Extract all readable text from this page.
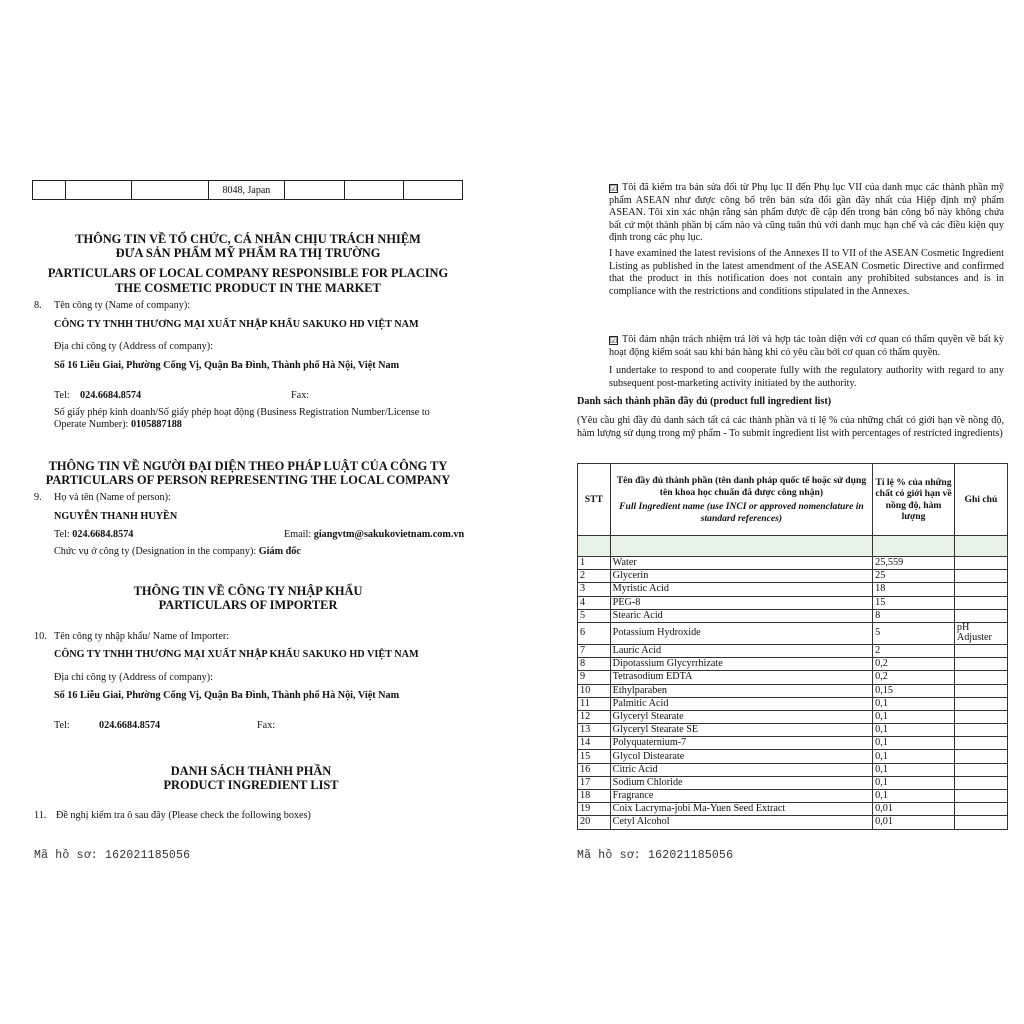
			8048, Japan			
THÔNG TIN VỀ TỔ CHỨC, CÁ NHÂN CHỊU TRÁCH NHIỆM
ĐƯA SẢN PHẨM MỸ PHẨM RA THỊ TRƯỜNG
PARTICULARS OF LOCAL COMPANY RESPONSIBLE FOR PLACING
THE COSMETIC PRODUCT IN THE MARKET
8. Tên công ty (Name of company):
CÔNG TY TNHH THƯƠNG MẠI XUẤT NHẬP KHẨU SAKUKO HD VIỆT NAM
Địa chỉ công ty (Address of company):
Số 16 Liễu Giai, Phường Cống Vị, Quận Ba Đình, Thành phố Hà Nội, Việt Nam
Tel: 024.6684.8574	Fax:
Số giấy phép kinh doanh/Số giấy phép hoạt động (Business Registration Number/License to
Operate Number): 0105887188
THÔNG TIN VỀ NGƯỜI ĐẠI DIỆN THEO PHÁP LUẬT CỦA CÔNG TY
PARTICULARS OF PERSON REPRESENTING THE LOCAL COMPANY
9. Họ và tên (Name of person):
NGUYỄN THANH HUYỀN
Tel: 024.6684.8574	Email: giangvtm@sakukovietnam.com.vn
Chức vụ ở công ty (Designation in the company): Giám đốc
THÔNG TIN VỀ CÔNG TY NHẬP KHẨU
PARTICULARS OF IMPORTER
10. Tên công ty nhập khẩu/ Name of Importer:
CÔNG TY TNHH THƯƠNG MẠI XUẤT NHẬP KHẨU SAKUKO HD VIỆT NAM
Địa chỉ công ty (Address of company):
Số 16 Liễu Giai, Phường Cống Vị, Quận Ba Đình, Thành phố Hà Nội, Việt Nam
Tel:	024.6684.8574	Fax:
DANH SÁCH THÀNH PHẦN
PRODUCT INGREDIENT LIST
11. Đề nghị kiểm tra ô sau đây (Please check the following boxes)
Mã hồ sơ: 162021185056
☑ Tôi đã kiểm tra bản sửa đổi từ Phụ lục II đến Phụ lục VII của danh mục các thành phần mỹ phẩm ASEAN như được công bố trên bản sửa đổi gần đây nhất của Hiệp định mỹ phẩm ASEAN. Tôi xin xác nhận rằng sản phẩm được đề cập đến trong bản công bố này không chứa bất cứ một thành phần bị cấm nào và cũng tuân thủ với danh mục hạn chế và các điều kiện quy định trong các phụ lục.
I have examined the latest revisions of the Annexes II to VII of the ASEAN Cosmetic Ingredient Listing as published in the latest amendment of the ASEAN Cosmetic Directive and confirmed that the product in this notification does not contain any prohibited substances and is in compliance with the restrictions and conditions stipulated in the Annexes.
☑ Tôi đảm nhận trách nhiệm trả lời và hợp tác toàn diện với cơ quan có thẩm quyền về bất kỳ hoạt động kiểm soát sau khi bán hàng khi có yêu cầu bởi cơ quan có thẩm quyền.
I undertake to respond to and cooperate fully with the regulatory authority with regard to any subsequent post-marketing activity initiated by the authority.
Danh sách thành phần đầy đủ (product full ingredient list)
(Yêu cầu ghi đầy đủ danh sách tất cả các thành phần và tỉ lệ % của những chất có giới hạn về nồng độ, hàm lượng sử dụng trong mỹ phẩm - To submit ingredient list with percentages of restricted ingredients)
Mã hồ sơ: 162021185056
STT	Tên đầy đủ thành phần (tên danh pháp quốc tế hoặc sử dụng tên khoa học chuẩn đã được công nhận)
Full Ingredient name (use INCI or approved nomenclature in standard references)	Tỉ lệ % của những chất có giới hạn về nồng độ, hàm lượng	Ghi chú

1	Water	25,559	
2	Glycerin	25	
3	Myristic Acid	18	
4	PEG-8	15	
5	Stearic Acid	8	
6	Potassium Hydroxide	5	pH Adjuster
7	Lauric Acid	2	
8	Dipotassium Glycyrrhizate	0,2	
9	Tetrasodium EDTA	0,2	
10	Ethylparaben	0,15	
11	Palmitic Acid	0,1	
12	Glyceryl Stearate	0,1	
13	Glyceryl Stearate SE	0,1	
14	Polyquaternium-7	0,1	
15	Glycol Distearate	0,1	
16	Citric Acid	0,1	
17	Sodium Chloride	0,1	
18	Fragrance	0,1	
19	Coix Lacryma-jobi Ma-Yuen Seed Extract	0,01	
20	Cetyl Alcohol	0,01	
